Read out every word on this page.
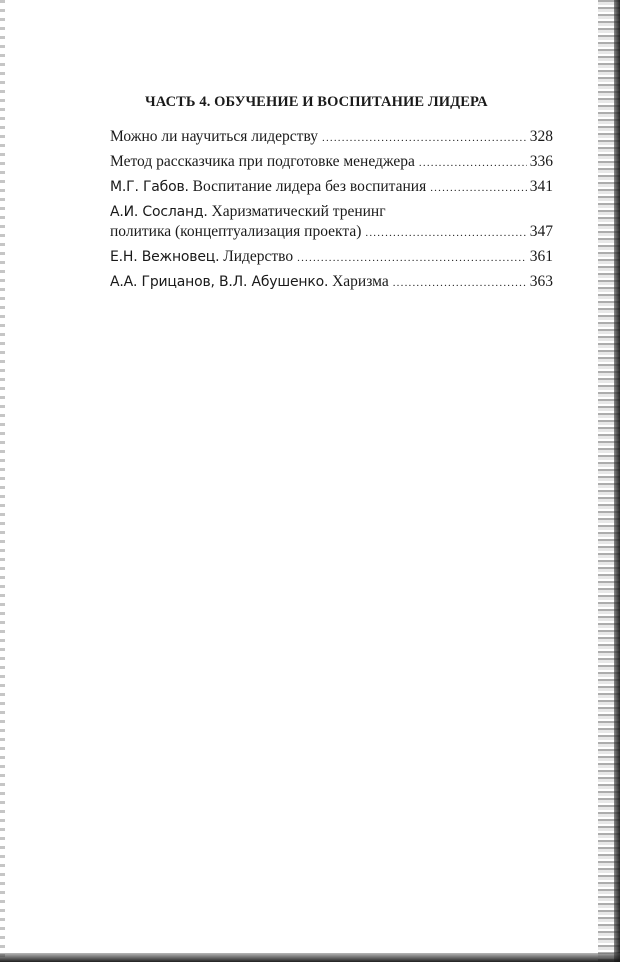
ЧАСТЬ 4. ОБУЧЕНИЕ И ВОСПИТАНИЕ ЛИДЕРА
Можно ли научиться лидерству .....	328
Метод рассказчика при подготовке менеджера .....	336
М.Г. Габов. Воспитание лидера без воспитания .....	341
А.И. Сосланд. Харизматический тренинг
политика (концептуализация проекта) .....	347
Е.Н. Вежновец. Лидерство .....	361
А.А. Грицанов, В.Л. Абушенко. Харизма .....	363
